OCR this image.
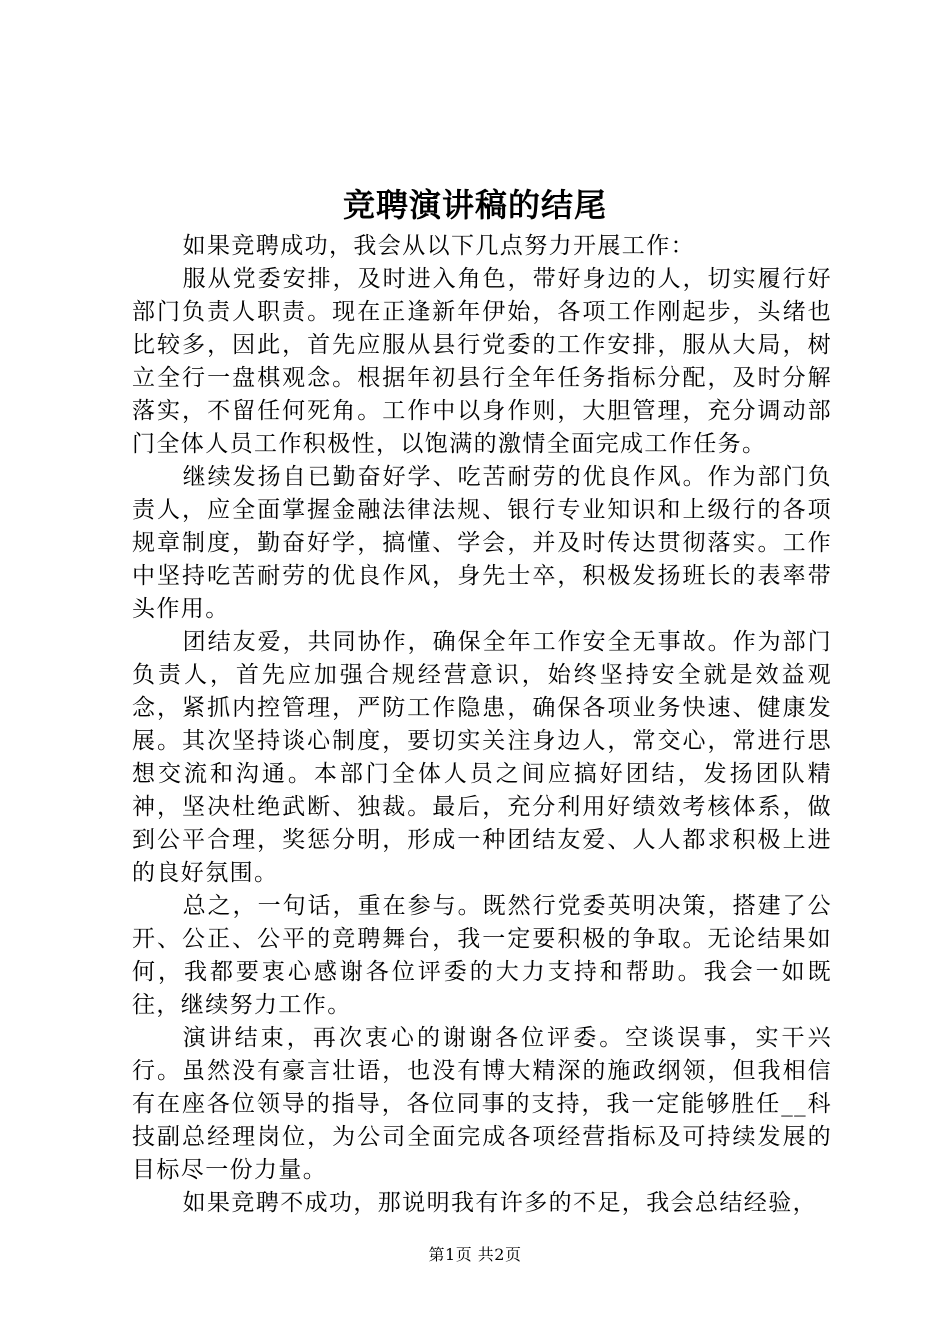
竞聘演讲稿的结尾

如果竞聘成功，我会从以下几点努力开展工作：

服从党委安排，及时进入角色，带好身边的人，切实履行好部门负责人职责。现在正逢新年伊始，各项工作刚起步，头绪也比较多，因此，首先应服从县行党委的工作安排，服从大局，树立全行一盘棋观念。根据年初县行全年任务指标分配，及时分解落实，不留任何死角。工作中以身作则，大胆管理，充分调动部门全体人员工作积极性，以饱满的激情全面完成工作任务。

继续发扬自已勤奋好学、吃苦耐劳的优良作风。作为部门负责人，应全面掌握金融法律法规、银行专业知识和上级行的各项规章制度，勤奋好学，搞懂、学会，并及时传达贯彻落实。工作中坚持吃苦耐劳的优良作风，身先士卒，积极发扬班长的表率带头作用。

团结友爱，共同协作，确保全年工作安全无事故。作为部门负责人，首先应加强合规经营意识，始终坚持安全就是效益观念，紧抓内控管理，严防工作隐患，确保各项业务快速、健康发展。其次坚持谈心制度，要切实关注身边人，常交心，常进行思想交流和沟通。本部门全体人员之间应搞好团结，发扬团队精神，坚决杜绝武断、独裁。最后，充分利用好绩效考核体系，做到公平合理，奖惩分明，形成一种团结友爱、人人都求积极上进的良好氛围。

总之，一句话，重在参与。既然行党委英明决策，搭建了公开、公正、公平的竞聘舞台，我一定要积极的争取。无论结果如何，我都要衷心感谢各位评委的大力支持和帮助。我会一如既往，继续努力工作。

演讲结束，再次衷心的谢谢各位评委。空谈误事，实干兴行。虽然没有豪言壮语，也没有博大精深的施政纲领，但我相信有在座各位领导的指导，各位同事的支持，我一定能够胜任__科技副总经理岗位，为公司全面完成各项经营指标及可持续发展的目标尽一份力量。

如果竞聘不成功，那说明我有许多的不足，我会总结经验，

第1页 共2页
